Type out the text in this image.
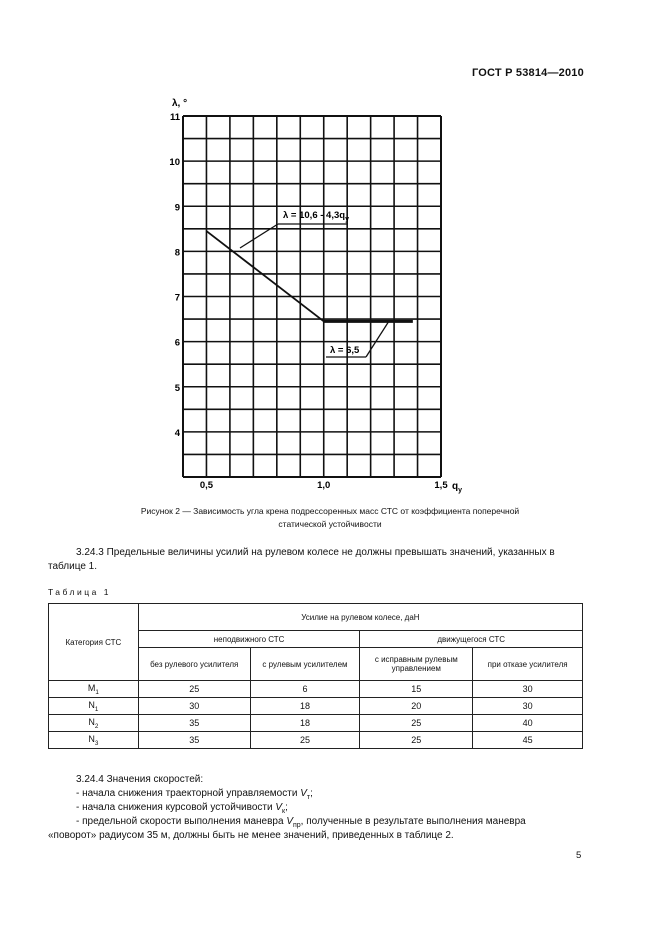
ГОСТ Р 53814—2010
11
10
9
8
7
6
5
4
0,5	1,0	1,5
λ, °
$q_y$
$\lambda = 10,6 - 4,3q_y$
λ = 6,5
Рисунок 2 — Зависимость угла крена подрессоренных масс СТС от коэффициента поперечной
статической устойчивости
3.24.3 Предельные величины усилий на рулевом колесе не должны превышать значений, указанных в таблице 1.
Таблица 1
Категория СТС	Усилие на рулевом колесе, даН			
	неподвижного СТС		движущегося СТС	
	без рулевого усилителя	с рулевым усилителем	с исправным рулевым управлением	при отказе усилителя
$M_1$	25	6	15	30
$N_1$	30	18	20	30
$N_2$	35	18	25	40
$N_3$	35	25	25	45
3.24.4 Значения скоростей:
- начала снижения траекторной управляемости $V_т$;
- начала снижения курсовой устойчивости $V_к$;
- предельной скорости выполнения маневра $V_{пр}$, полученные в результате выполнения маневра
«поворот» радиусом 35 м, должны быть не менее значений, приведенных в таблице 2.
5
